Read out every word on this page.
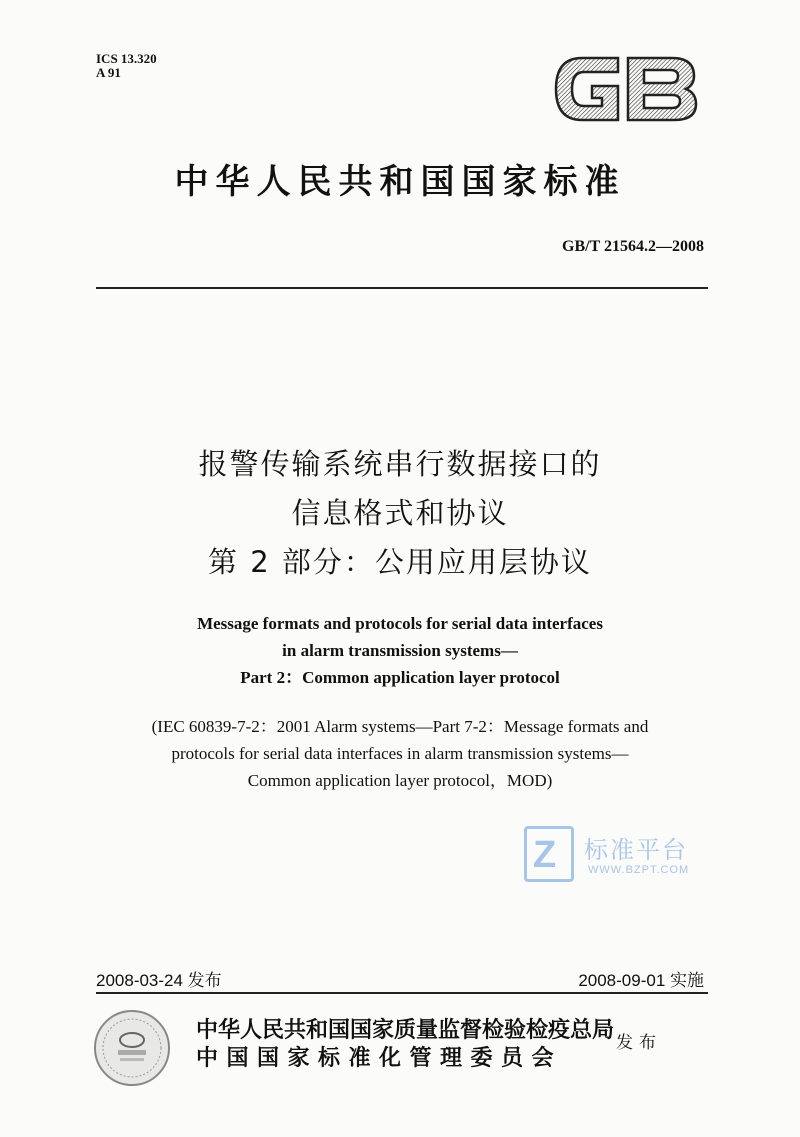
ICS 13.320
A 91
中华人民共和国国家标准
GB/T 21564.2—2008
报警传输系统串行数据接口的
信息格式和协议
第 2 部分：公用应用层协议
Message formats and protocols for serial data interfaces
in alarm transmission systems—
Part 2：Common application layer protocol
(IEC 60839-7-2：2001 Alarm systems—Part 7-2：Message formats and
protocols for serial data interfaces in alarm transmission systems—
Common application layer protocol，MOD)
Z 标准平台
WWW.BZPT.COM
2008-03-24 发布	2008-09-01 实施
中华人民共和国国家质量监督检验检疫总局
中国国家标准化管理委员会
发布
